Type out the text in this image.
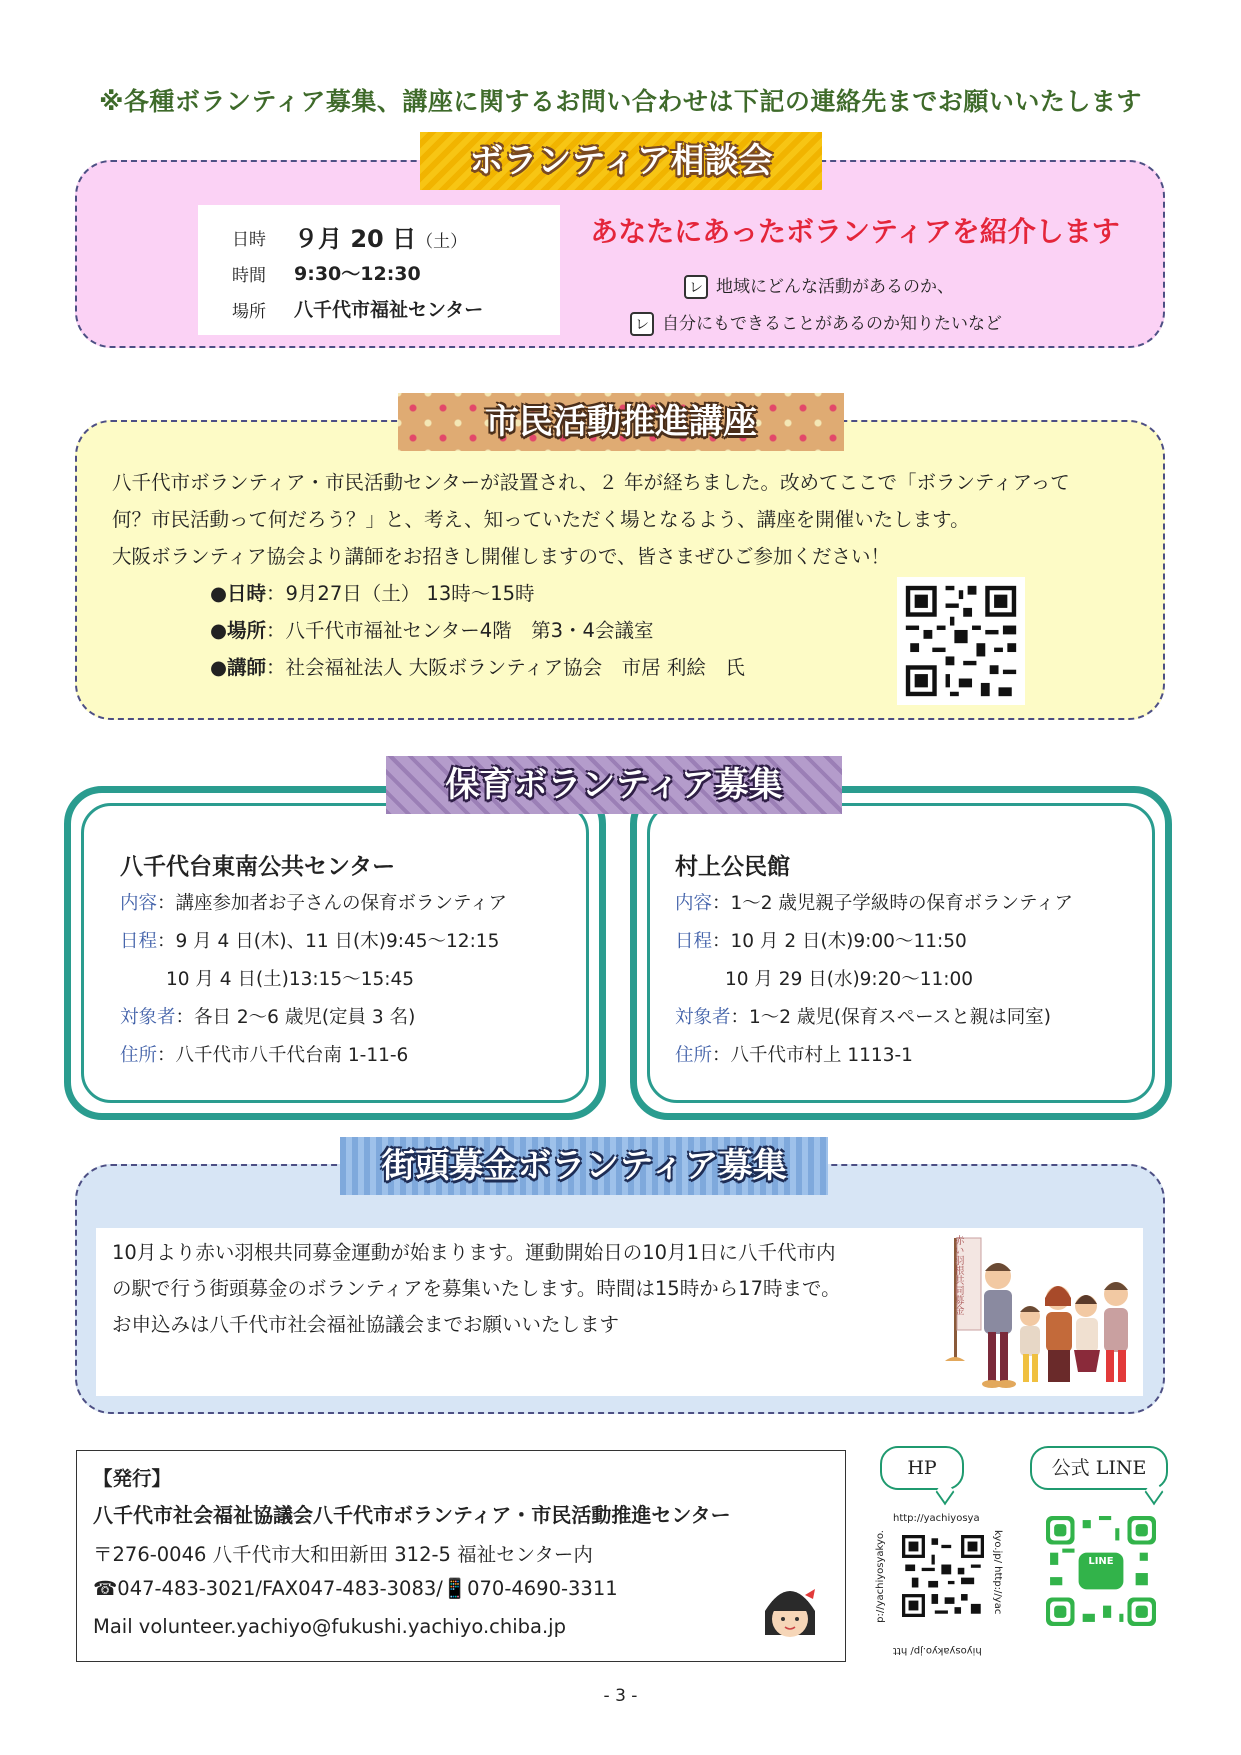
※各種ボランティア募集、講座に関するお問い合わせは下記の連絡先までお願いいたします
ボランティア相談会
日時 ９月 20 日（土）
時間 9:30～12:30
場所 八千代市福祉センター
あなたにあったボランティアを紹介します
レ 地域にどんな活動があるのか、
レ 自分にもできることがあるのか知りたいなど
市民活動推進講座
八千代市ボランティア・市民活動センターが設置され、２ 年が経ちました。改めてここで「ボランティアって
何？市民活動って何だろう？」と、考え、知っていただく場となるよう、講座を開催いたします。
大阪ボランティア協会より講師をお招きし開催しますので、皆さまぜひご参加ください！
●日時：9月27日（土） 13時～15時
●場所：八千代市福祉センター4階　第3・4会議室
●講師：社会福祉法人 大阪ボランティア協会　市居 利絵　氏
保育ボランティア募集
八千代台東南公共センター
内容：講座参加者お子さんの保育ボランティア
日程：9 月 4 日(木)、11 日(木)9:45～12:15
10 月 4 日(土)13:15～15:45
対象者：各日 2～6 歳児(定員 3 名)
住所：八千代市八千代台南 1-11-6
村上公民館
内容：1～2 歳児親子学級時の保育ボランティア
日程：10 月 2 日(木)9:00～11:50
10 月 29 日(水)9:20～11:00
対象者：1～2 歳児(保育スペースと親は同室)
住所：八千代市村上 1113-1
街頭募金ボランティア募集
10月より赤い羽根共同募金運動が始まります。運動開始日の10月1日に八千代市内
の駅で行う街頭募金のボランティアを募集いたします。時間は15時から17時まで。
お申込みは八千代市社会福祉協議会までお願いいたします
赤い羽根共同募金
【発行】
八千代市社会福祉協議会八千代市ボランティア・市民活動推進センター
〒276-0046 八千代市大和田新田 312-5 福祉センター内
☎047-483-3021/FAX047-483-3083/📱070-4690-3311
Mail volunteer.yachiyo@fukushi.yachiyo.chiba.jp
HP
http://yachiyosya
kyo.jp/ http://yac
p://yachiyosyakyo.
hiyosyakyo.jp/ htt
公式 LINE
LINE
- 3 -
